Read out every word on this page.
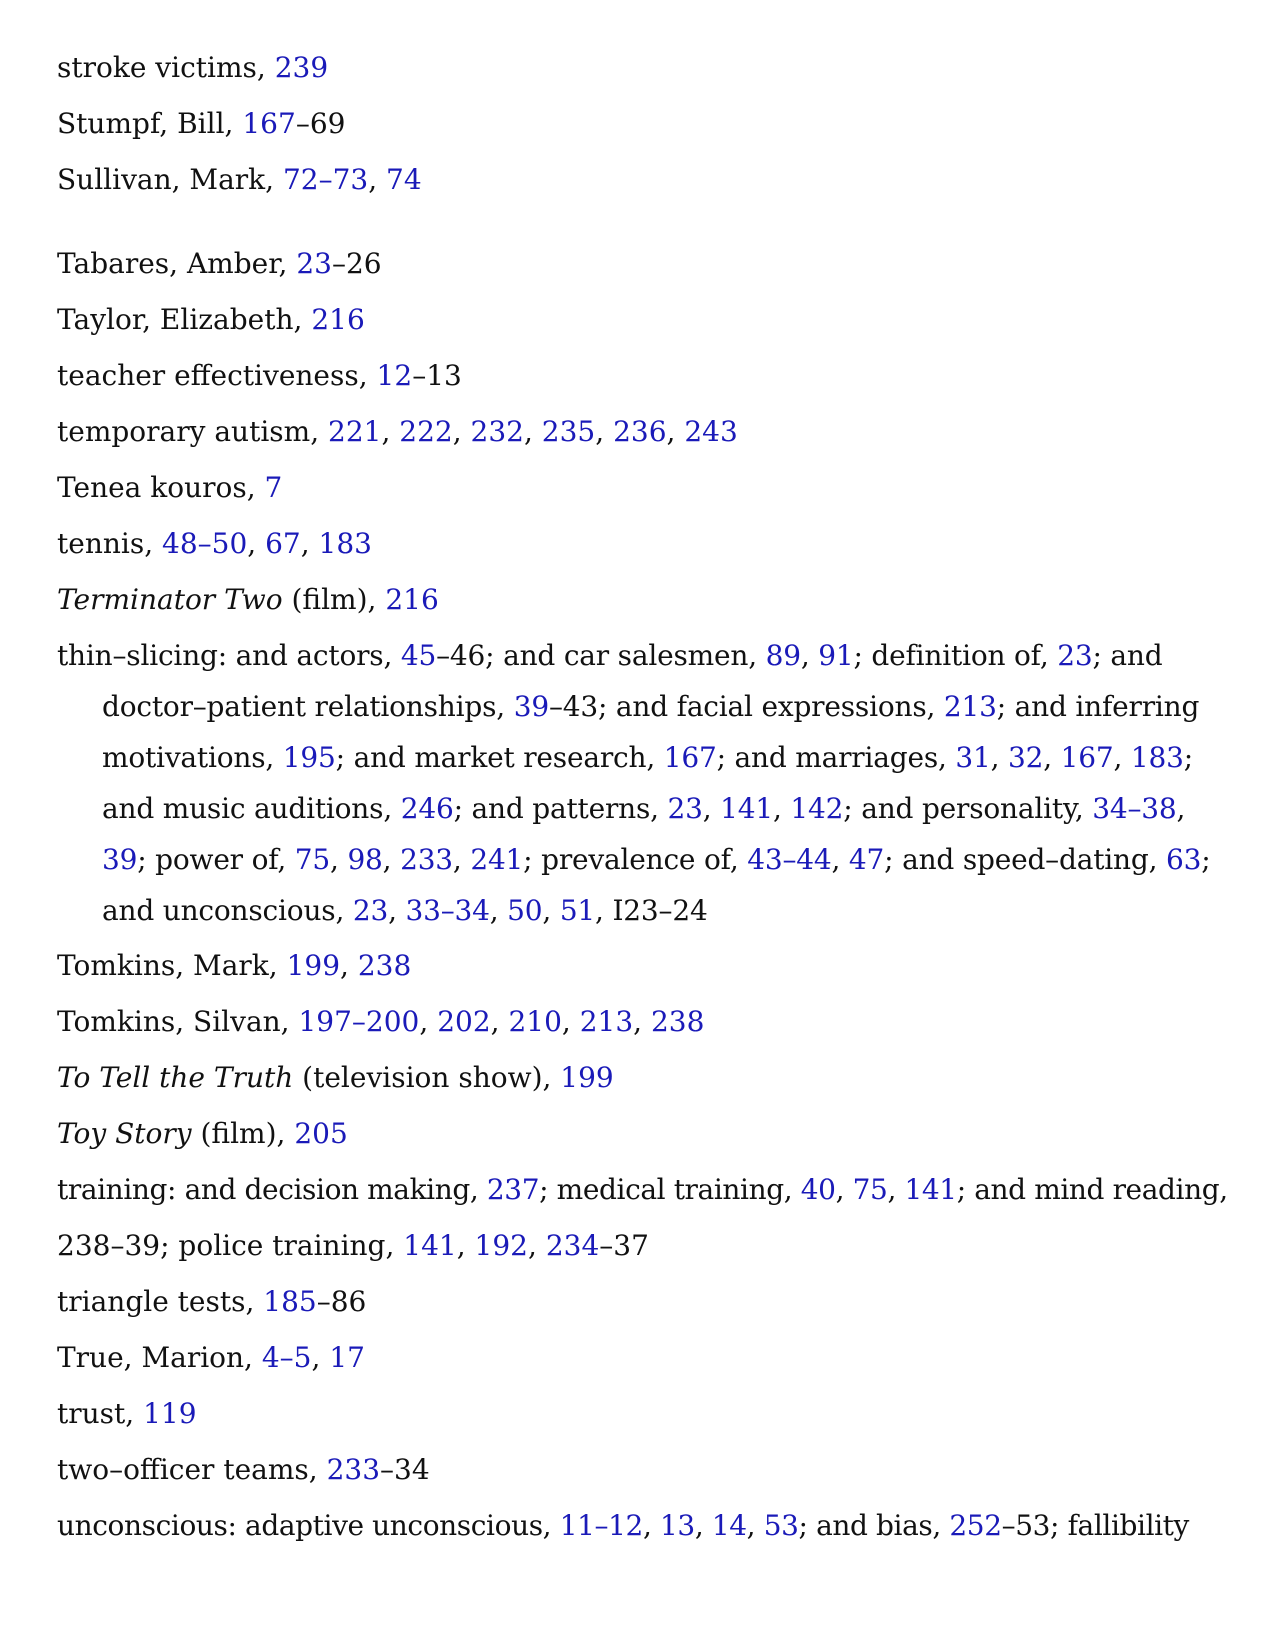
stroke victims, 239
Stumpf, Bill, 167–69
Sullivan, Mark, 72–73, 74
Tabares, Amber, 23–26
Taylor, Elizabeth, 216
teacher effectiveness, 12–13
temporary autism, 221, 222, 232, 235, 236, 243
Tenea kouros, 7
tennis, 48–50, 67, 183
Terminator Two (film), 216
thin–slicing: and actors, 45–46; and car salesmen, 89, 91; definition of, 23; and doctor–patient relationships, 39–43; and facial expressions, 213; and inferring motivations, 195; and market research, 167; and marriages, 31, 32, 167, 183; and music auditions, 246; and patterns, 23, 141, 142; and personality, 34–38, 39; power of, 75, 98, 233, 241; prevalence of, 43–44, 47; and speed–dating, 63; and unconscious, 23, 33–34, 50, 51, I23–24
Tomkins, Mark, 199, 238
Tomkins, Silvan, 197–200, 202, 210, 213, 238
To Tell the Truth (television show), 199
Toy Story (film), 205
training: and decision making, 237; medical training, 40, 75, 141; and mind reading,
238–39; police training, 141, 192, 234–37
triangle tests, 185–86
True, Marion, 4–5, 17
trust, 119
two–officer teams, 233–34
unconscious: adaptive unconscious, 11–12, 13, 14, 53; and bias, 252–53; fallibility
